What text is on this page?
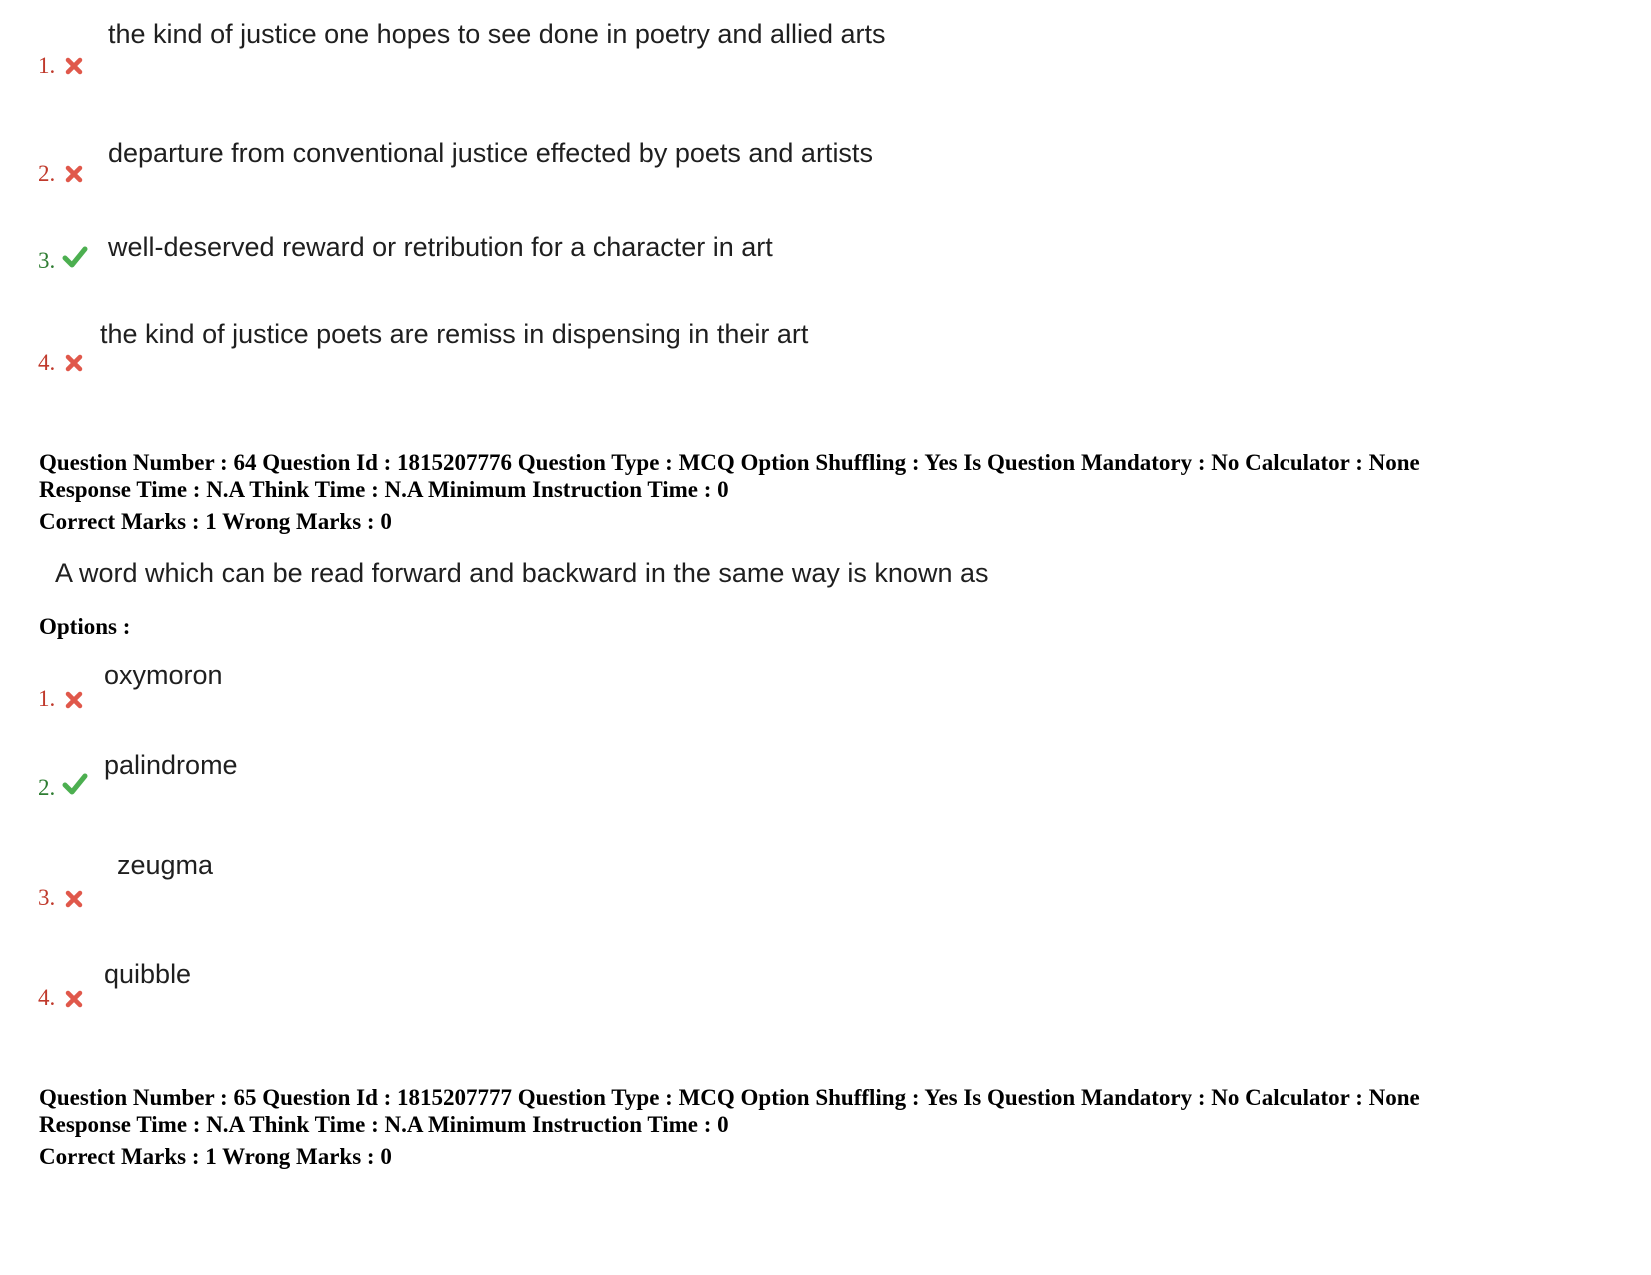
the kind of justice one hopes to see done in poetry and allied arts
1.
departure from conventional justice effected by poets and artists
2.
well-deserved reward or retribution for a character in art
3.
the kind of justice poets are remiss in dispensing in their art
4.
Question Number : 64 Question Id : 1815207776 Question Type : MCQ Option Shuffling : Yes Is Question Mandatory : No Calculator : None
Response Time : N.A Think Time : N.A Minimum Instruction Time : 0
Correct Marks : 1 Wrong Marks : 0
A word which can be read forward and backward in the same way is known as
Options :
oxymoron
1.
palindrome
2.
zeugma
3.
quibble
4.
Question Number : 65 Question Id : 1815207777 Question Type : MCQ Option Shuffling : Yes Is Question Mandatory : No Calculator : None
Response Time : N.A Think Time : N.A Minimum Instruction Time : 0
Correct Marks : 1 Wrong Marks : 0
